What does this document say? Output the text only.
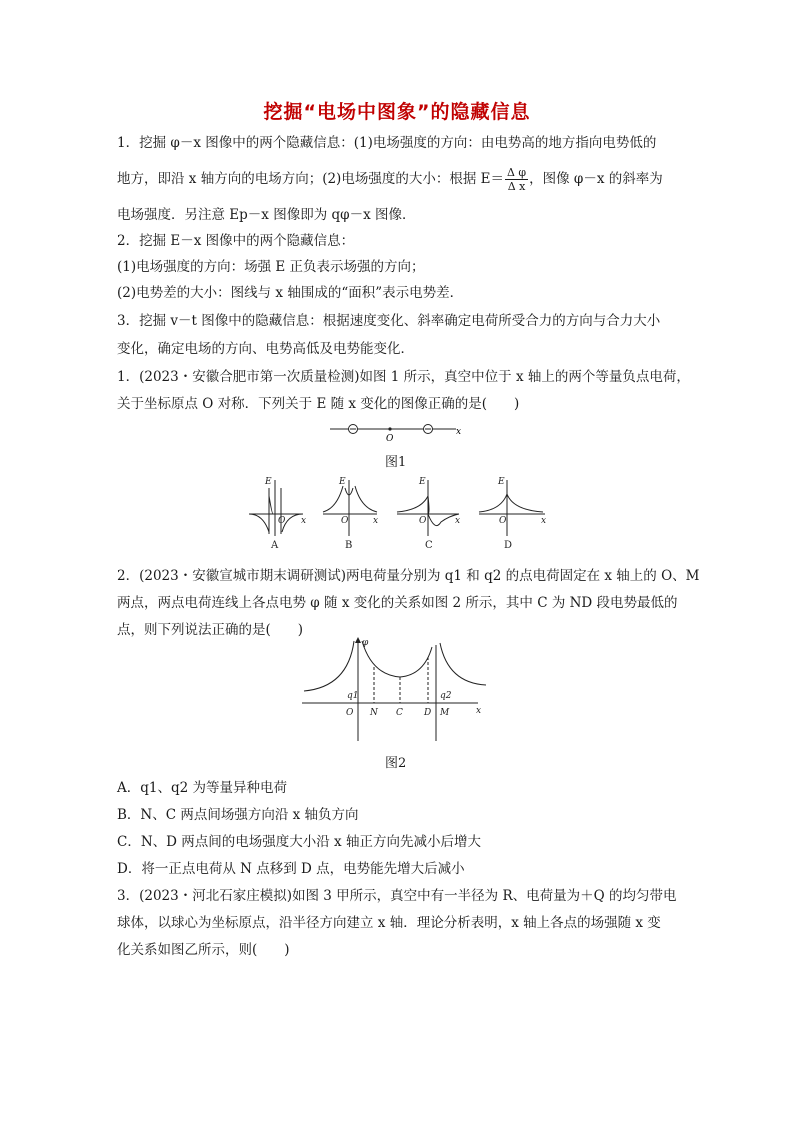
挖掘“电场中图象”的隐藏信息
1．挖掘 φ－x 图像中的两个隐藏信息：(1)电场强度的方向：由电势高的地方指向电势低的
地方，即沿 x 轴方向的电场方向；(2)电场强度的大小：根据 $E= \frac{\text{Δ φ}}{\text{Δ x}}$ ，图像 φ－x 的斜率为
电场强度．另注意 Ep－x 图像即为 qφ－x 图像．
2．挖掘 E－x 图像中的两个隐藏信息：
(1)电场强度的方向：场强 E 正负表示场强的方向；
(2)电势差的大小：图线与 x 轴围成的“面积”表示电势差．
3．挖掘 v－t 图像中的隐藏信息：根据速度变化、斜率确定电荷所受合力的方向与合力大小
变化，确定电场的方向、电势高低及电势能变化．
1．(2023・安徽合肥市第一次质量检测)如图 1 所示，真空中位于 x 轴上的两个等量负点电荷，
关于坐标原点 O 对称．下列关于 E 随 x 变化的图像正确的是(　　)
O
x
图1
E
O x
E
O	x
E
O	x
E
O	x
A	B	C	D
2．(2023・安徽宣城市期末调研测试)两电荷量分别为 q1 和 q2 的点电荷固定在 x 轴上的 O、M
两点，两点电荷连线上各点电势 φ 随 x 变化的关系如图 2 所示，其中 C 为 ND 段电势最低的
点，则下列说法正确的是(　　)
φ
q1	q2
O N C D M	x
图2
A．q1、q2 为等量异种电荷
B．N、C 两点间场强方向沿 x 轴负方向
C．N、D 两点间的电场强度大小沿 x 轴正方向先减小后增大
D．将一正点电荷从 N 点移到 D 点，电势能先增大后减小
3．(2023・河北石家庄模拟)如图 3 甲所示，真空中有一半径为 R、电荷量为＋Q 的均匀带电
球体，以球心为坐标原点，沿半径方向建立 x 轴．理论分析表明，x 轴上各点的场强随 x 变
化关系如图乙所示，则(　　)
